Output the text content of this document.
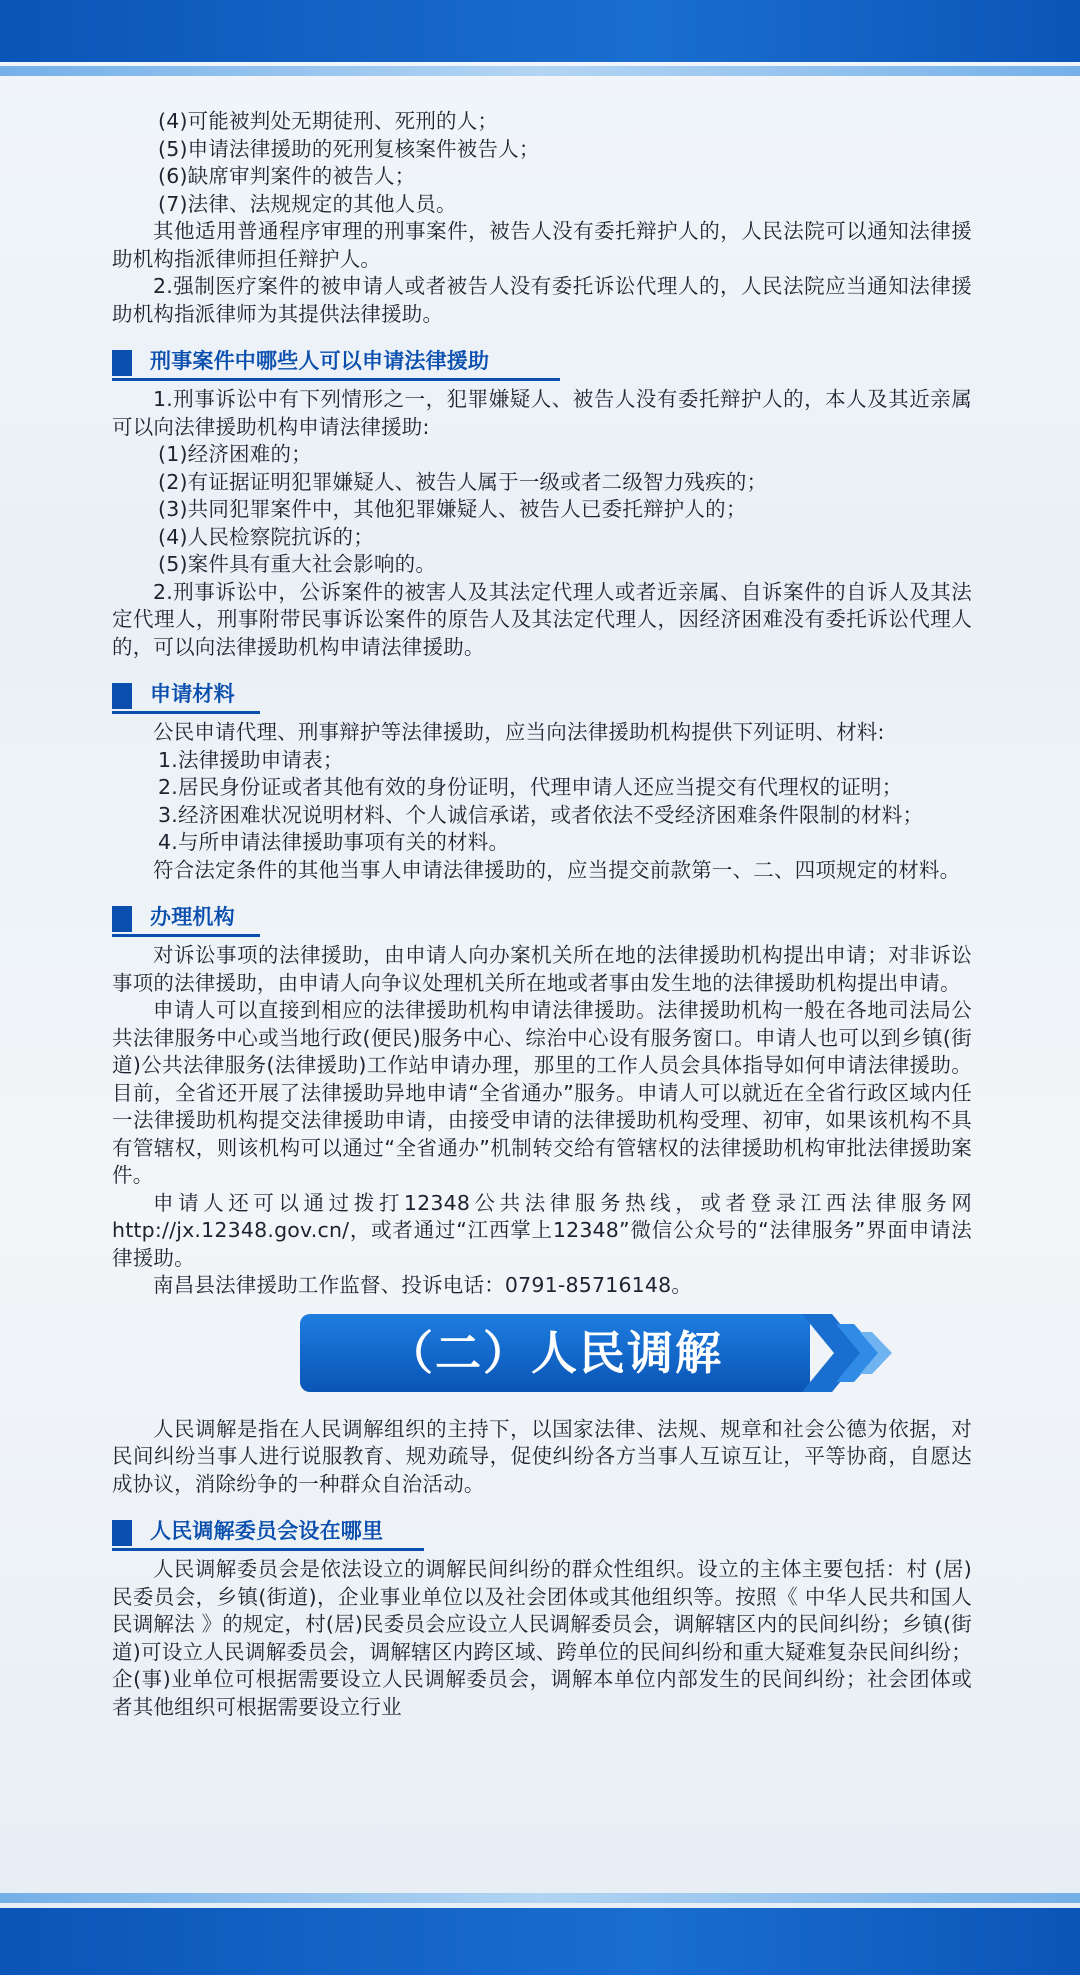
(4)可能被判处无期徒刑、死刑的人；

(5)申请法律援助的死刑复核案件被告人；

(6)缺席审判案件的被告人；

(7)法律、法规规定的其他人员。

其他适用普通程序审理的刑事案件，被告人没有委托辩护人的，人民法院可以通知法律援助机构指派律师担任辩护人。

2.强制医疗案件的被申请人或者被告人没有委托诉讼代理人的，人民法院应当通知法律援助机构指派律师为其提供法律援助。

刑事案件中哪些人可以申请法律援助

1.刑事诉讼中有下列情形之一，犯罪嫌疑人、被告人没有委托辩护人的，本人及其近亲属可以向法律援助机构申请法律援助:

(1)经济困难的；

(2)有证据证明犯罪嫌疑人、被告人属于一级或者二级智力残疾的；

(3)共同犯罪案件中，其他犯罪嫌疑人、被告人已委托辩护人的；

(4)人民检察院抗诉的；

(5)案件具有重大社会影响的。

2.刑事诉讼中，公诉案件的被害人及其法定代理人或者近亲属、自诉案件的自诉人及其法定代理人，刑事附带民事诉讼案件的原告人及其法定代理人，因经济困难没有委托诉讼代理人的，可以向法律援助机构申请法律援助。

申请材料

公民申请代理、刑事辩护等法律援助，应当向法律援助机构提供下列证明、材料:

1.法律援助申请表；

2.居民身份证或者其他有效的身份证明，代理申请人还应当提交有代理权的证明；

3.经济困难状况说明材料、个人诚信承诺，或者依法不受经济困难条件限制的材料；

4.与所申请法律援助事项有关的材料。

符合法定条件的其他当事人申请法律援助的，应当提交前款第一、二、四项规定的材料。

办理机构

对诉讼事项的法律援助，由申请人向办案机关所在地的法律援助机构提出申请；对非诉讼事项的法律援助，由申请人向争议处理机关所在地或者事由发生地的法律援助机构提出申请。

申请人可以直接到相应的法律援助机构申请法律援助。法律援助机构一般在各地司法局公共法律服务中心或当地行政(便民)服务中心、综治中心设有服务窗口。申请人也可以到乡镇(街道)公共法律服务(法律援助)工作站申请办理，那里的工作人员会具体指导如何申请法律援助。目前，全省还开展了法律援助异地申请“全省通办”服务。申请人可以就近在全省行政区域内任一法律援助机构提交法律援助申请，由接受申请的法律援助机构受理、初审，如果该机构不具有管辖权，则该机构可以通过“全省通办”机制转交给有管辖权的法律援助机构审批法律援助案件。

申请人还可以通过拨打12348公共法律服务热线，或者登录江西法律服务网http://jx.12348.gov.cn/，或者通过“江西掌上12348”微信公众号的“法律服务”界面申请法律援助。

南昌县法律援助工作监督、投诉电话：0791-85716148。

（二）人民调解

人民调解是指在人民调解组织的主持下，以国家法律、法规、规章和社会公德为依据，对民间纠纷当事人进行说服教育、规劝疏导，促使纠纷各方当事人互谅互让，平等协商，自愿达成协议，消除纷争的一种群众自治活动。

人民调解委员会设在哪里

人民调解委员会是依法设立的调解民间纠纷的群众性组织。设立的主体主要包括：村 (居)民委员会，乡镇(街道)，企业事业单位以及社会团体或其他组织等。按照《 中华人民共和国人民调解法 》的规定，村(居)民委员会应设立人民调解委员会，调解辖区内的民间纠纷；乡镇(街道)可设立人民调解委员会，调解辖区内跨区域、跨单位的民间纠纷和重大疑难复杂民间纠纷；企(事)业单位可根据需要设立人民调解委员会，调解本单位内部发生的民间纠纷；社会团体或者其他组织可根据需要设立行业
